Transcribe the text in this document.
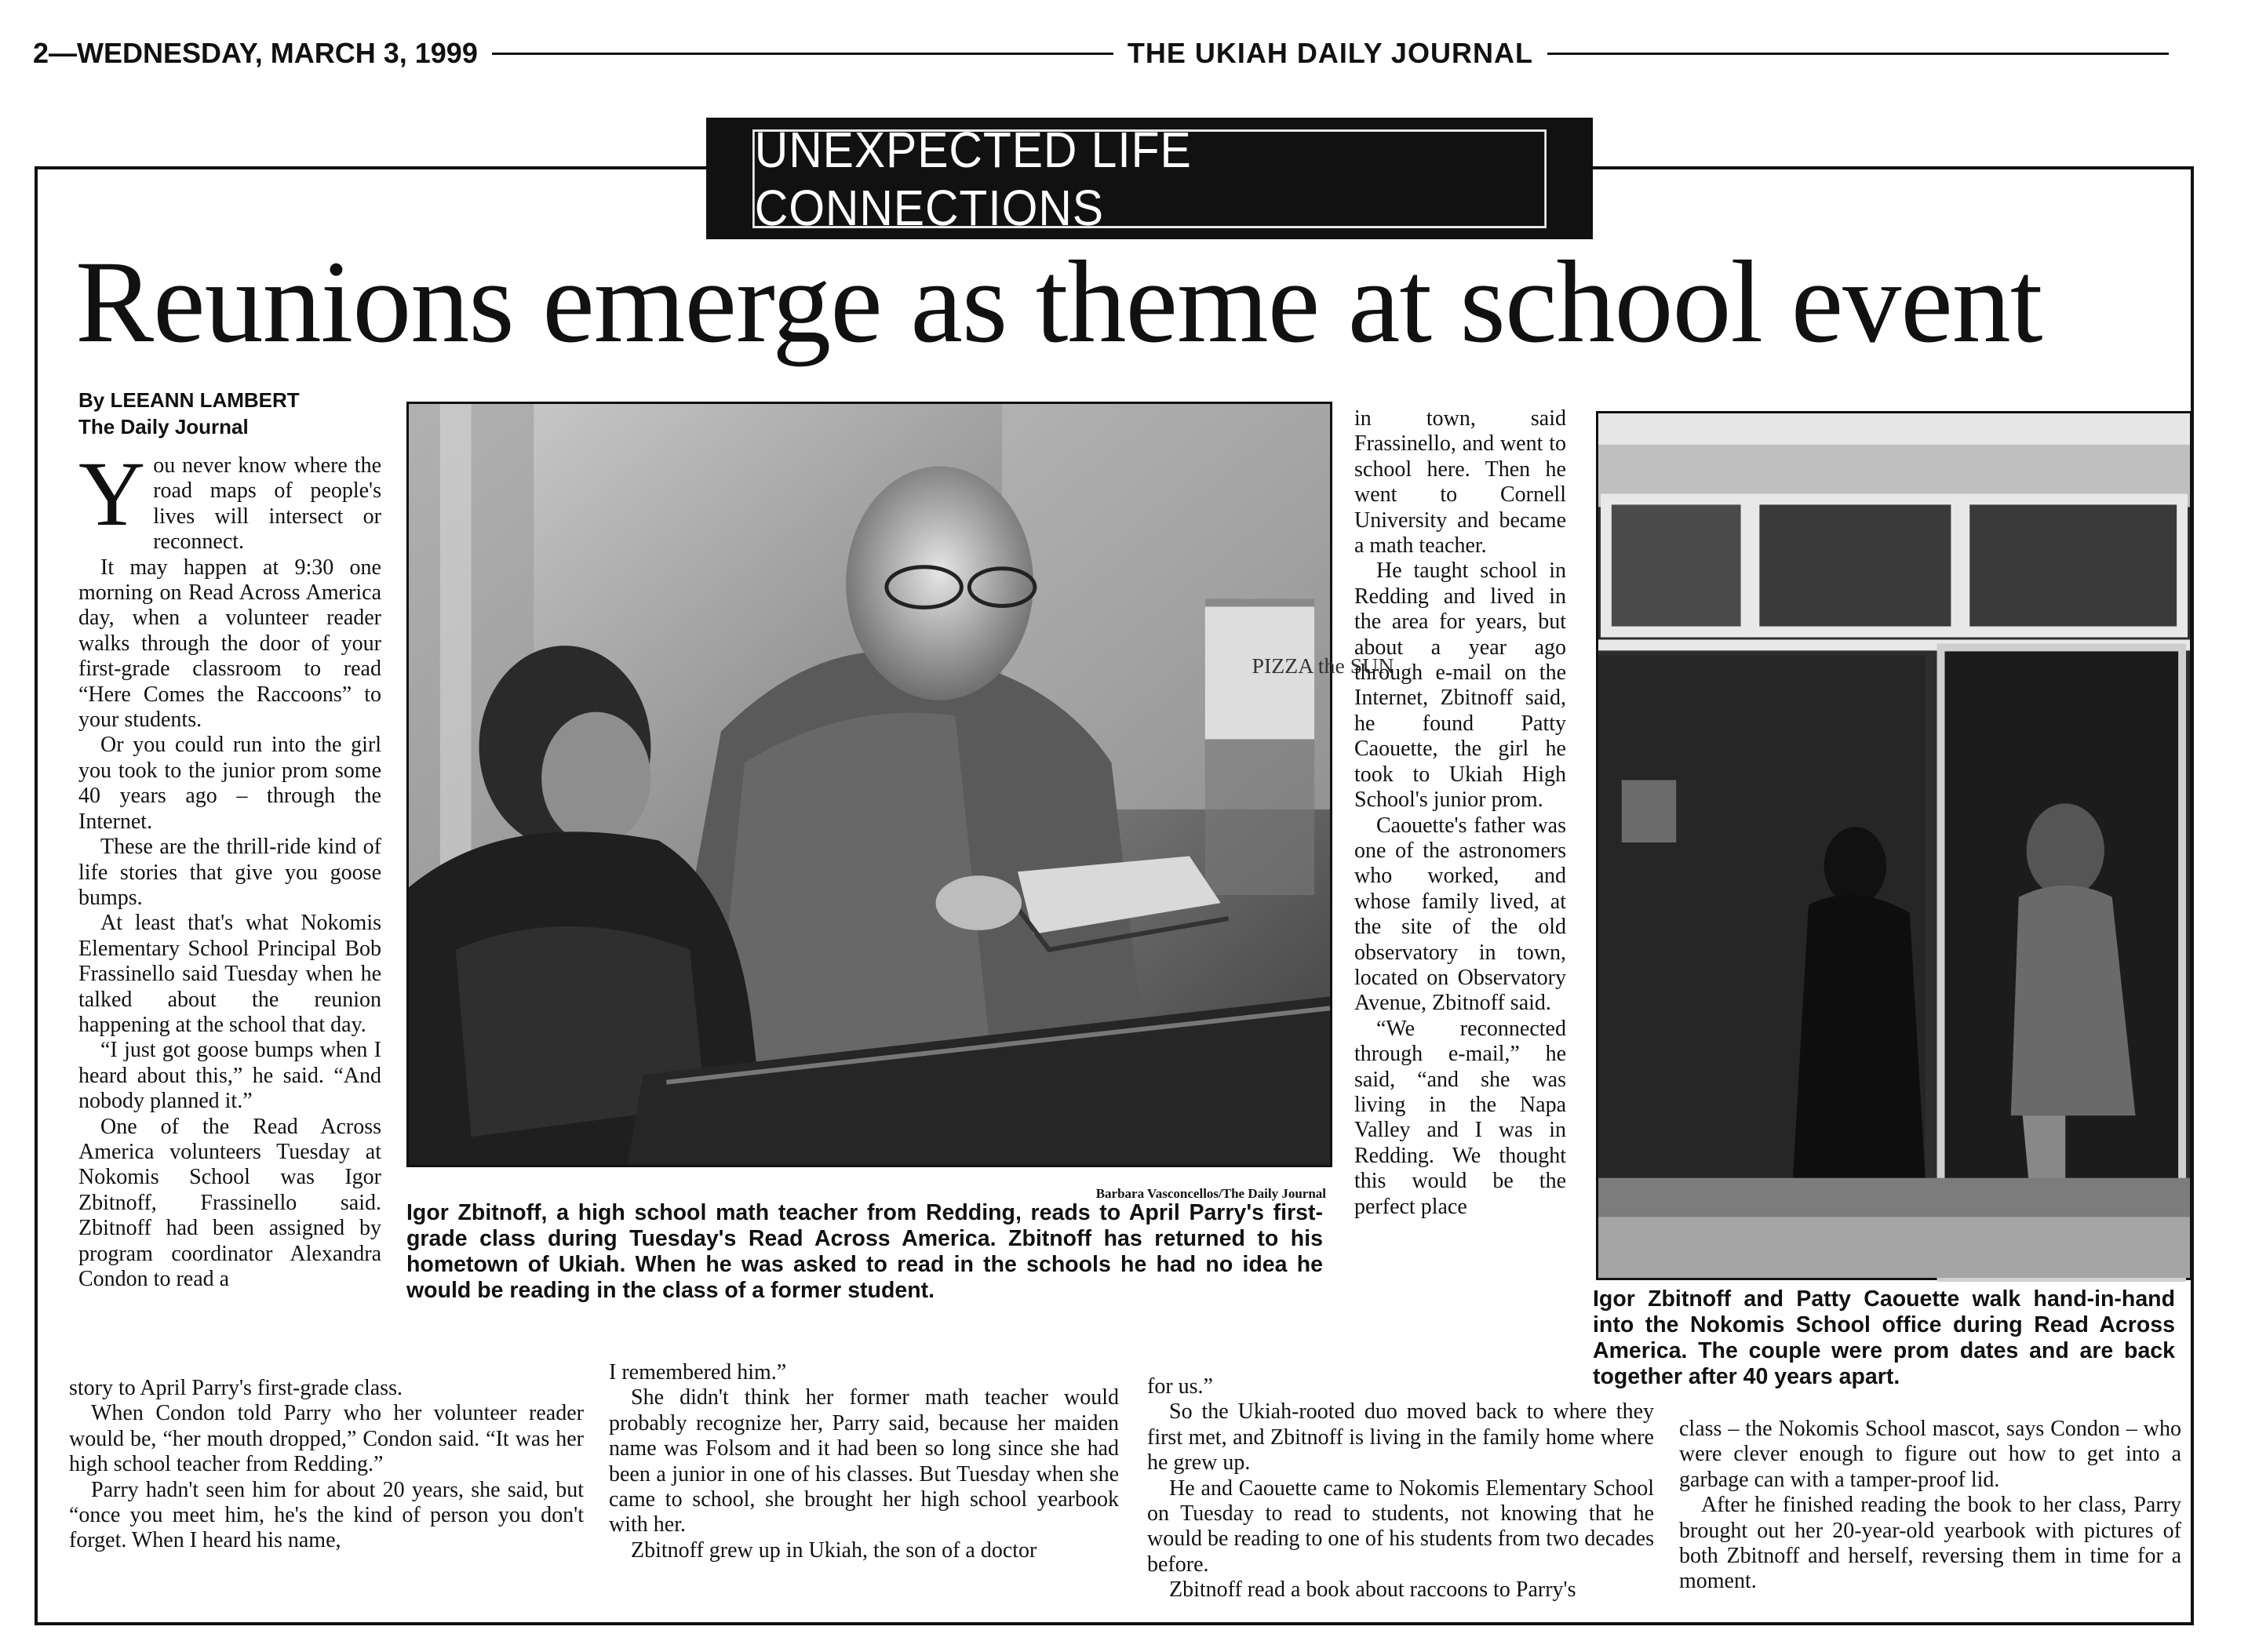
2—WEDNESDAY, MARCH 3, 1999	THE UKIAH DAILY JOURNAL
UNEXPECTED LIFE CONNECTIONS
Reunions emerge as theme at school event
By LEEANN LAMBERT
The Daily Journal

You never know where the road maps of people's lives will intersect or reconnect.

It may happen at 9:30 one morning on Read Across America day, when a volunteer reader walks through the door of your first-grade classroom to read “Here Comes the Raccoons” to your students.

Or you could run into the girl you took to the junior prom some 40 years ago – through the Internet.

These are the thrill-ride kind of life stories that give you goose bumps.

At least that's what Nokomis Elementary School Principal Bob Frassinello said Tuesday when he talked about the reunion happening at the school that day.

“I just got goose bumps when I heard about this,” he said. “And nobody planned it.”

One of the Read Across America volunteers Tuesday at Nokomis School was Igor Zbitnoff, Frassinello said. Zbitnoff had been assigned by program coordinator Alexandra Condon to read a

PIZZA the SUN
Barbara Vasconcellos/The Daily Journal
Igor Zbitnoff, a high school math teacher from Redding, reads to April Parry's first-grade class during Tuesday's Read Across America. Zbitnoff has returned to his hometown of Ukiah. When he was asked to read in the schools he had no idea he would be reading in the class of a former student.

in town, said Frassinello, and went to school here. Then he went to Cornell University and became a math teacher.

He taught school in Redding and lived in the area for years, but about a year ago through e-mail on the Internet, Zbitnoff said, he found Patty Caouette, the girl he took to Ukiah High School's junior prom.

Caouette's father was one of the astronomers who worked, and whose family lived, at the site of the old observatory in town, located on Observatory Avenue, Zbitnoff said.

“We reconnected through e-mail,” he said, “and she was living in the Napa Valley and I was in Redding. We thought this would be the perfect place

Igor Zbitnoff and Patty Caouette walk hand-in-hand into the Nokomis School office during Read Across America. The couple were prom dates and are back together after 40 years apart.

story to April Parry's first-grade class.

When Condon told Parry who her volunteer reader would be, “her mouth dropped,” Condon said. “It was her high school teacher from Redding.”

Parry hadn't seen him for about 20 years, she said, but “once you meet him, he's the kind of person you don't forget. When I heard his name,

I remembered him.”

She didn't think her former math teacher would probably recognize her, Parry said, because her maiden name was Folsom and it had been so long since she had been a junior in one of his classes. But Tuesday when she came to school, she brought her high school yearbook with her.

Zbitnoff grew up in Ukiah, the son of a doctor

for us.”

So the Ukiah-rooted duo moved back to where they first met, and Zbitnoff is living in the family home where he grew up.

He and Caouette came to Nokomis Elementary School on Tuesday to read to students, not knowing that he would be reading to one of his students from two decades before.

Zbitnoff read a book about raccoons to Parry's

class – the Nokomis School mascot, says Condon – who were clever enough to figure out how to get into a garbage can with a tamper-proof lid.

After he finished reading the book to her class, Parry brought out her 20-year-old yearbook with pictures of both Zbitnoff and herself, reversing them in time for a moment.
